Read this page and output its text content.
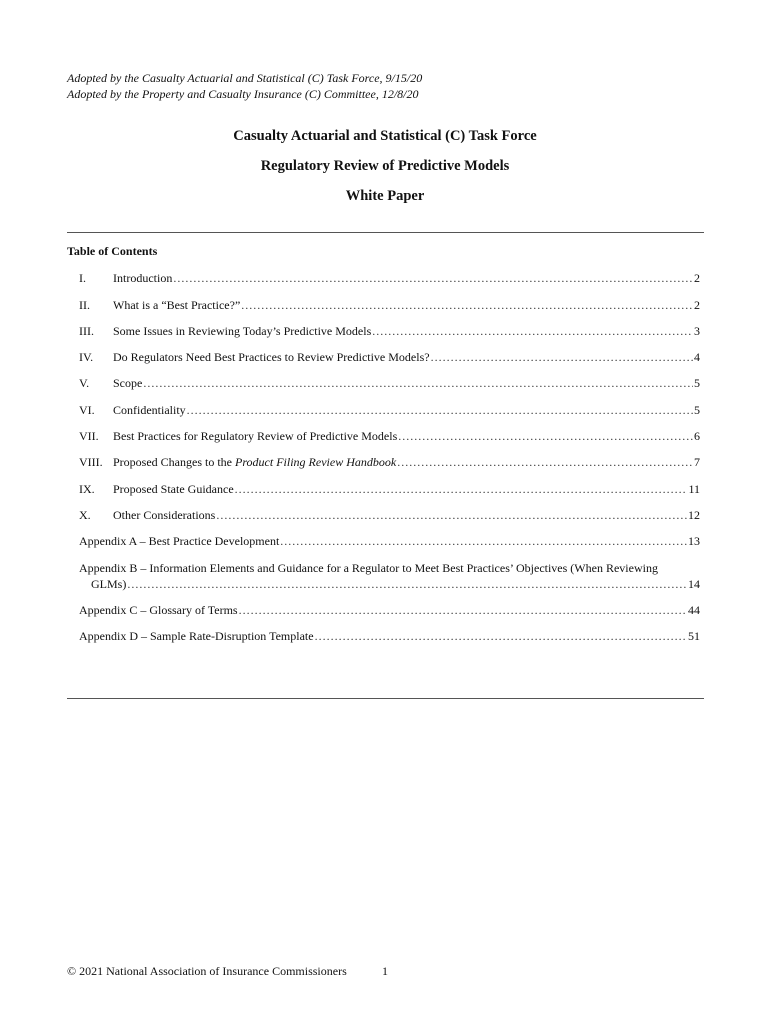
Adopted by the Casualty Actuarial and Statistical (C) Task Force, 9/15/20
Adopted by the Property and Casualty Insurance (C) Committee, 12/8/20
Casualty Actuarial and Statistical (C) Task Force
Regulatory Review of Predictive Models
White Paper
Table of Contents
I.	Introduction .....	2
II.	What is a “Best Practice?” .....	2
III.	Some Issues in Reviewing Today’s Predictive Models .....	3
IV.	Do Regulators Need Best Practices to Review Predictive Models? .....	4
V.	Scope .....	5
VI.	Confidentiality .....	5
VII.	Best Practices for Regulatory Review of Predictive Models .....	6
VIII. Proposed Changes to the Product Filing Review Handbook .....	7
IX.	Proposed State Guidance .....	11
X.	Other Considerations .....	12
Appendix A – Best Practice Development .....	13
Appendix B – Information Elements and Guidance for a Regulator to Meet Best Practices’ Objectives (When Reviewing
GLMs) .....	14
Appendix C – Glossary of Terms .....	44
Appendix D – Sample Rate-Disruption Template .....	51
© 2021 National Association of Insurance Commissioners	1
